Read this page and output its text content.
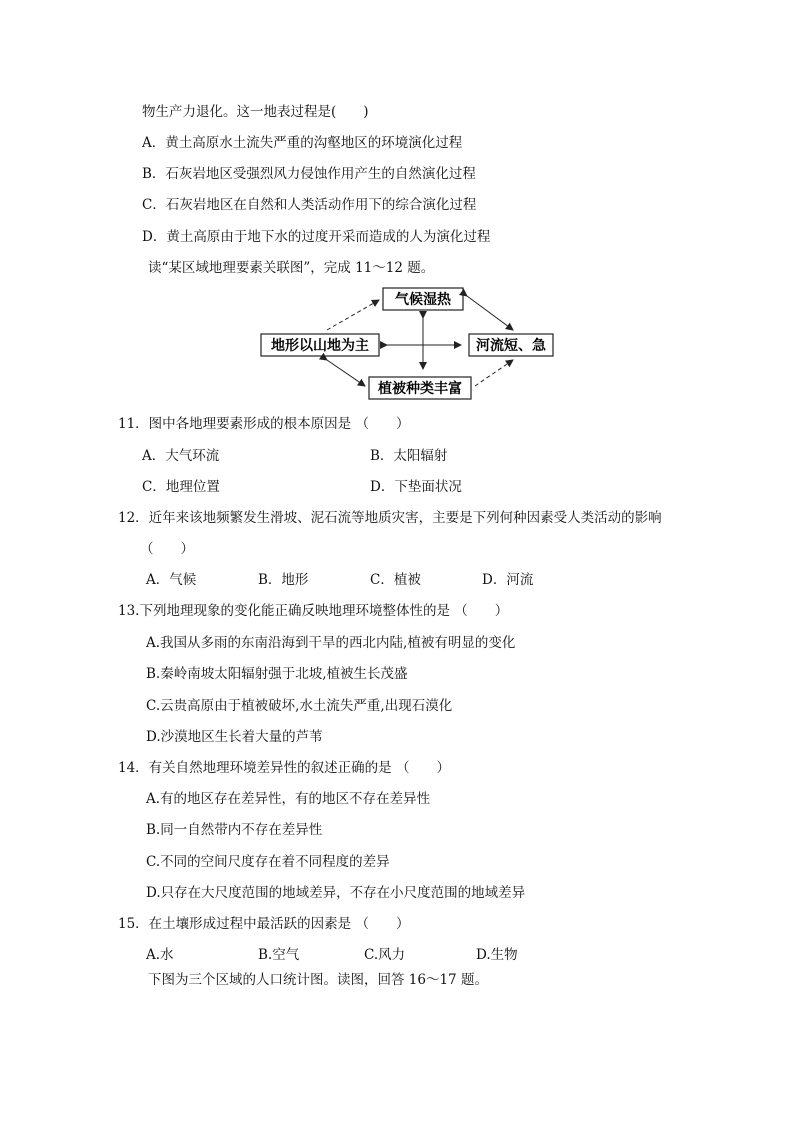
物生产力退化。这一地表过程是(　　)
A．黄土高原水土流失严重的沟壑地区的环境演化过程
B．石灰岩地区受强烈风力侵蚀作用产生的自然演化过程
C．石灰岩地区在自然和人类活动作用下的综合演化过程
D．黄土高原由于地下水的过度开采而造成的人为演化过程
读“某区域地理要素关联图”，完成 11～12 题。
气候湿热
地形以山地为主	河流短、急
植被种类丰富
11．图中各地理要素形成的根本原因是 （　　）
A．大气环流	B．太阳辐射
C．地理位置	D．下垫面状况
12．近年来该地频繁发生滑坡、泥石流等地质灾害，主要是下列何种因素受人类活动的影响
（　　）
A．气候	B．地形	C．植被	D．河流
13.下列地理现象的变化能正确反映地理环境整体性的是 （　　）
A.我国从多雨的东南沿海到干旱的西北内陆,植被有明显的变化
B.秦岭南坡太阳辐射强于北坡,植被生长茂盛
C.云贵高原由于植被破坏,水土流失严重,出现石漠化
D.沙漠地区生长着大量的芦苇
14．有关自然地理环境差异性的叙述正确的是 （　　）
A.有的地区存在差异性，有的地区不存在差异性
B.同一自然带内不存在差异性
C.不同的空间尺度存在着不同程度的差异
D.只存在大尺度范围的地域差异，不存在小尺度范围的地域差异
15．在土壤形成过程中最活跃的因素是 （　　）
A.水	B.空气	C.风力	D.生物
下图为三个区域的人口统计图。读图，回答 16～17 题。
